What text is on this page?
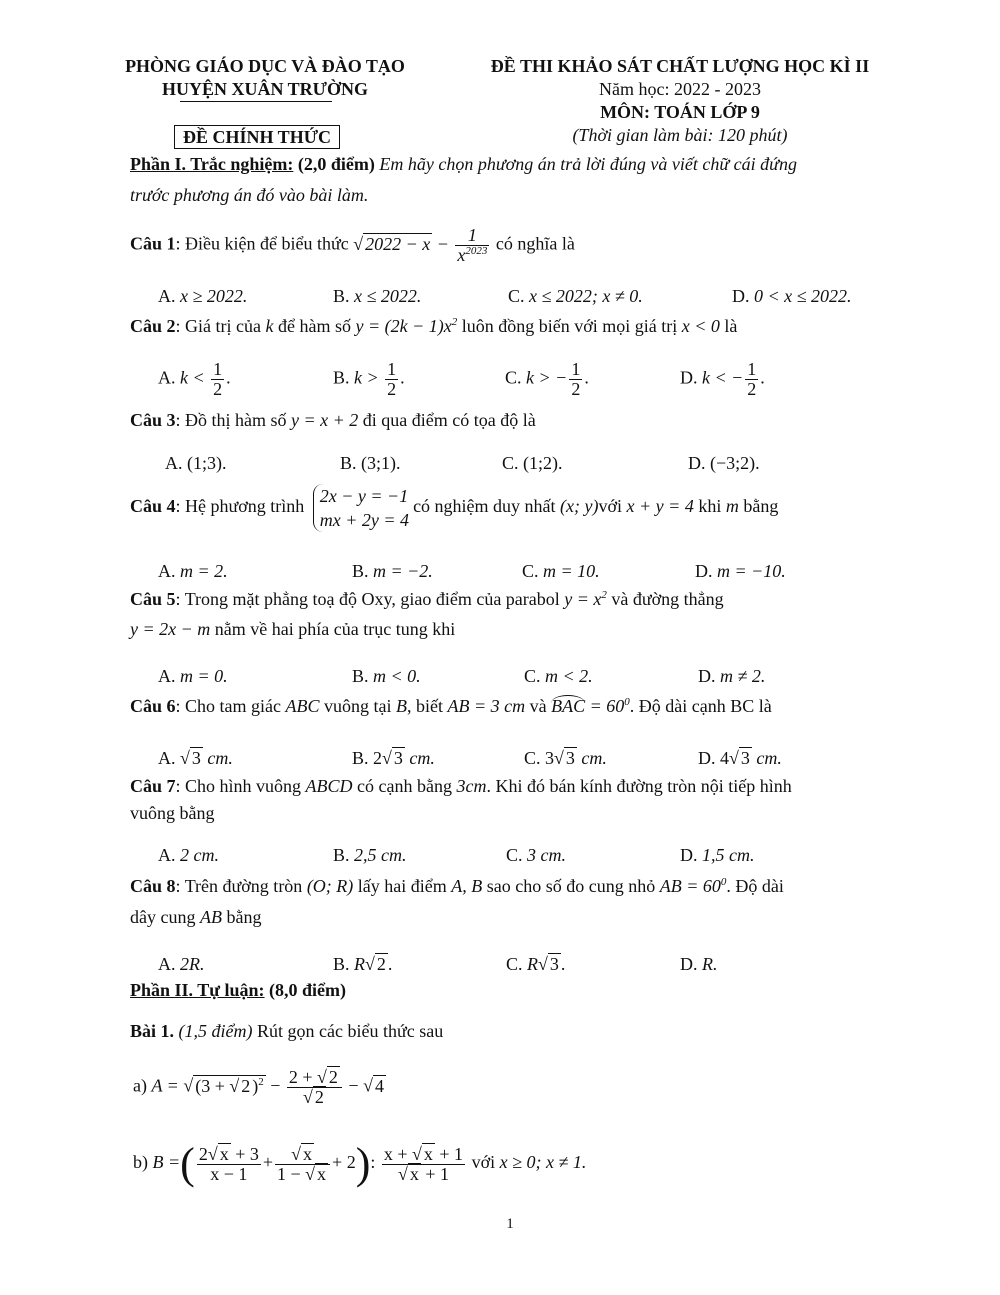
PHÒNG GIÁO DỤC VÀ ĐÀO TẠO
HUYỆN XUÂN TRƯỜNG
ĐỀ CHÍNH THỨC
ĐỀ THI KHẢO SÁT CHẤT LƯỢNG HỌC KÌ II
Năm học: 2022 - 2023
MÔN: TOÁN LỚP 9
(Thời gian làm bài: 120 phút)
Phần I. Trắc nghiệm: (2,0 điểm) Em hãy chọn phương án trả lời đúng và viết chữ cái đứng
trước phương án đó vào bài làm.
Câu 1: Điều kiện để biểu thức √ $2022 - x - \frac{1}{x^{2023}}$ có nghĩa là
A. x ≥ 2022.	B. x ≤ 2022.	C. x ≤ 2022; x ≠ 0.	D. 0 < x ≤ 2022.
Câu 2: Giá trị của k để hàm số $y = (2k - 1)x^2$ luôn đồng biến với mọi giá trị x < 0 là
A. $k < \frac{1}{2}$ .	B. $k > \frac{1}{2}$ .	C. k > − $\frac{1}{2}$ .	D. k < − $\frac{1}{2}$ .
Câu 3: Đồ thị hàm số y = x + 2 đi qua điểm có tọa độ là
A. (1;3).	B. (3;1).	C. (1;2).	D. (−3;2).
Câu 4: Hệ phương trình 2x − y = −1
mx + 2y = 4có nghiệm duy nhất (x; y)với x + y = 4 khi m bằng
A. m = 2.	B. m = −2.	C. m = 10.	D. m = −10.
Câu 5: Trong mặt phẳng toạ độ Oxy, giao điểm của parabol $y = x^2$ và đường thẳng
y = 2x − m nằm về hai phía của trục tung khi
A. m = 0.	B. m < 0.	C. m < 2.	D. m ≠ 2.
Câu 6: Cho tam giác ABC vuông tại B, biết AB = 3 cm và BAC = $60^0$. Độ dài cạnh BC là
A. √ 3 cm.	B. 2√ 3 cm.	C. 3√ 3 cm.	D. 4√ 3 cm.
Câu 7: Cho hình vuông ABCD có cạnh bằng 3cm. Khi đó bán kính đường tròn nội tiếp hình
vuông bằng
A. 2 cm.	B. 2,5 cm.	C. 3 cm.	D. 1,5 cm.
Câu 8: Trên đường tròn (O; R) lấy hai điểm A, B sao cho số đo cung nhỏ AB = $60^0$. Độ dài
dây cung AB bằng
A. 2R.	B. R√ 2 .	C. R√ 3 .	D. R.
Phần II. Tự luận: (8,0 điểm)
Bài 1. (1,5 điểm) Rút gọn các biểu thức sau
a) A = √ (3 + √ 2 )$^2 - \frac{2 + √ 2}{√ 2}$ − √ 4
b) B =( $\frac{2√ x + 3}{x - 1} + \frac{√ x}{1 - √ x} + 2$): $\frac{x + √ x + 1}{√ x + 1}$ với x ≥ 0; x ≠ 1.
1
